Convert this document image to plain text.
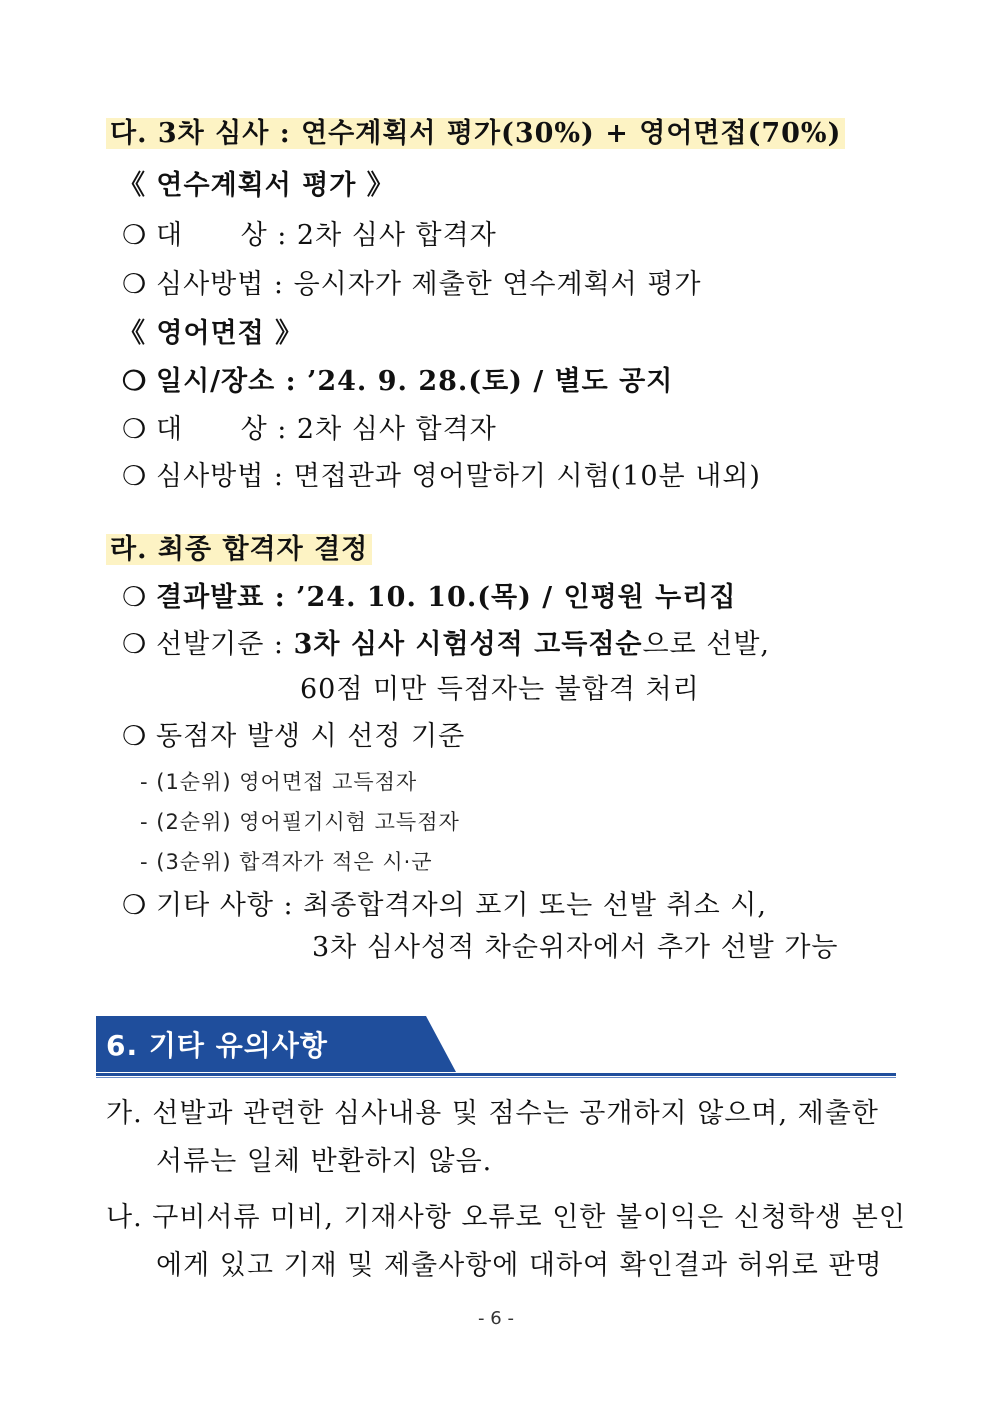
다. 3차 심사 : 연수계획서 평가(30%) + 영어면접(70%)
《 연수계획서 평가 》
❍ 대      상 : 2차 심사 합격자
❍ 심사방법 : 응시자가 제출한 연수계획서 평가
《 영어면접 》
❍ 일시/장소 : ’24. 9. 28.(토) / 별도 공지
❍ 대      상 : 2차 심사 합격자
❍ 심사방법 : 면접관과 영어말하기 시험(10분 내외)
라. 최종 합격자 결정
❍ 결과발표 : ’24. 10. 10.(목) / 인평원 누리집
❍ 선발기준 : 3차 심사 시험성적 고득점순으로 선발,
60점 미만 득점자는 불합격 처리
❍ 동점자 발생 시 선정 기준
- (1순위) 영어면접 고득점자
- (2순위) 영어필기시험 고득점자
- (3순위) 합격자가 적은 시·군
❍ 기타 사항 : 최종합격자의 포기 또는 선발 취소 시,
3차 심사성적 차순위자에서 추가 선발 가능
6. 기타 유의사항
가. 선발과 관련한 심사내용 및 점수는 공개하지 않으며, 제출한
서류는 일체 반환하지 않음.
나. 구비서류 미비, 기재사항 오류로 인한 불이익은 신청학생 본인
에게 있고 기재 및 제출사항에 대하여 확인결과 허위로 판명
- 6 -
